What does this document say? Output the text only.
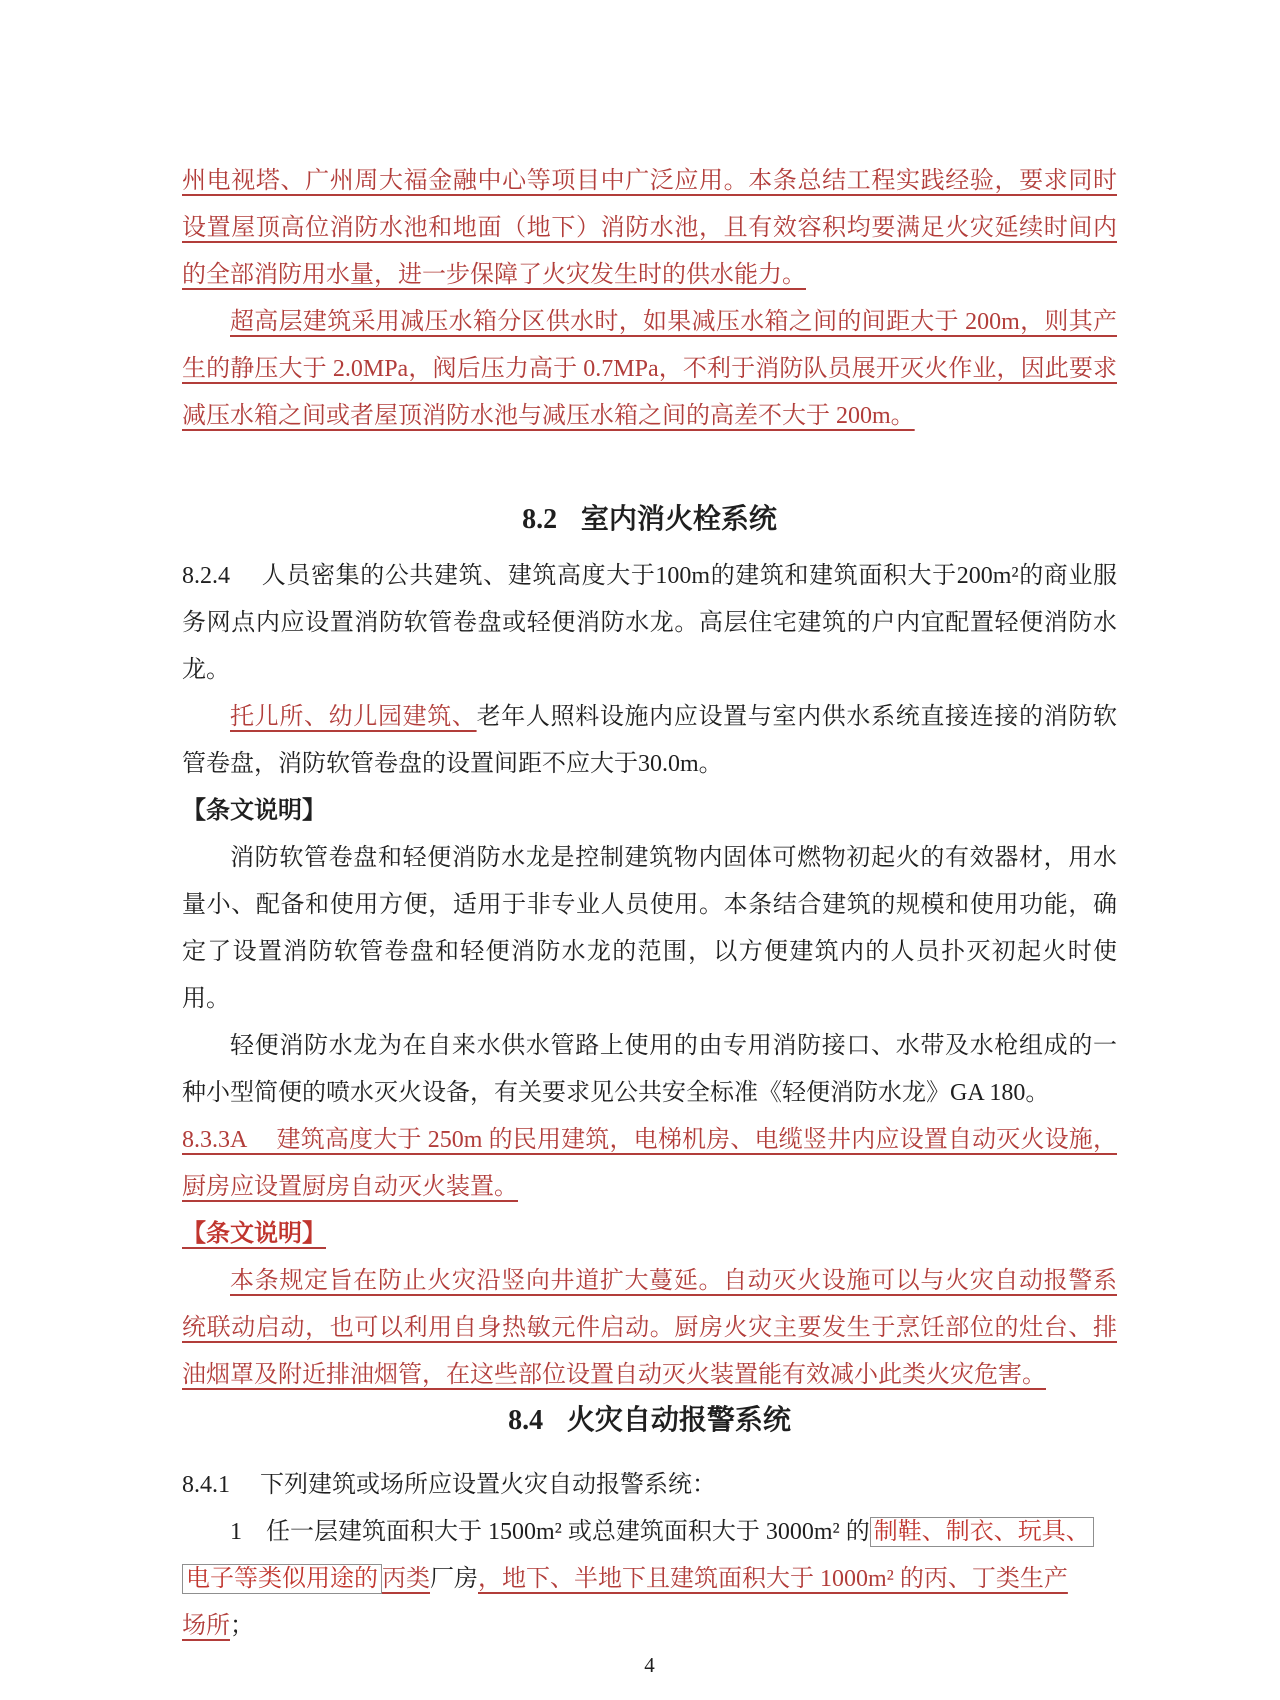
州电视塔、广州周大福金融中心等项目中广泛应用。本条总结工程实践经验，要求同时设置屋顶高位消防水池和地面（地下）消防水池，且有效容积均要满足火灾延续时间内的全部消防用水量，进一步保障了火灾发生时的供水能力。

超高层建筑采用减压水箱分区供水时，如果减压水箱之间的间距大于 200m，则其产生的静压大于 2.0MPa，阀后压力高于 0.7MPa，不利于消防队员展开灭火作业，因此要求减压水箱之间或者屋顶消防水池与减压水箱之间的高差不大于 200m。

8.2 室内消火栓系统

8.2.4　 人员密集的公共建筑、建筑高度大于100m的建筑和建筑面积大于200m²的商业服务网点内应设置消防软管卷盘或轻便消防水龙。高层住宅建筑的户内宜配置轻便消防水龙。

托儿所、幼儿园建筑、老年人照料设施内应设置与室内供水系统直接连接的消防软管卷盘，消防软管卷盘的设置间距不应大于30.0m。

【条文说明】

消防软管卷盘和轻便消防水龙是控制建筑物内固体可燃物初起火的有效器材，用水量小、配备和使用方便，适用于非专业人员使用。本条结合建筑的规模和使用功能，确定了设置消防软管卷盘和轻便消防水龙的范围，以方便建筑内的人员扑灭初起火时使用。

轻便消防水龙为在自来水供水管路上使用的由专用消防接口、水带及水枪组成的一种小型简便的喷水灭火设备，有关要求见公共安全标准《轻便消防水龙》GA 180。

8.3.3A　 建筑高度大于 250m 的民用建筑，电梯机房、电缆竖井内应设置自动灭火设施，厨房应设置厨房自动灭火装置。

【条文说明】

本条规定旨在防止火灾沿竖向井道扩大蔓延。自动灭火设施可以与火灾自动报警系统联动启动，也可以利用自身热敏元件启动。厨房火灾主要发生于烹饪部位的灶台、排油烟罩及附近排油烟管，在这些部位设置自动灭火装置能有效减小此类火灾危害。

8.4 火灾自动报警系统

8.4.1　 下列建筑或场所应设置火灾自动报警系统：

1　任一层建筑面积大于 1500m² 或总建筑面积大于 3000m² 的 制鞋、制衣、玩具、
电子等类似用途的 丙类厂房，地下、半地下且建筑面积大于 1000m² 的丙、丁类生产
场所；

4
